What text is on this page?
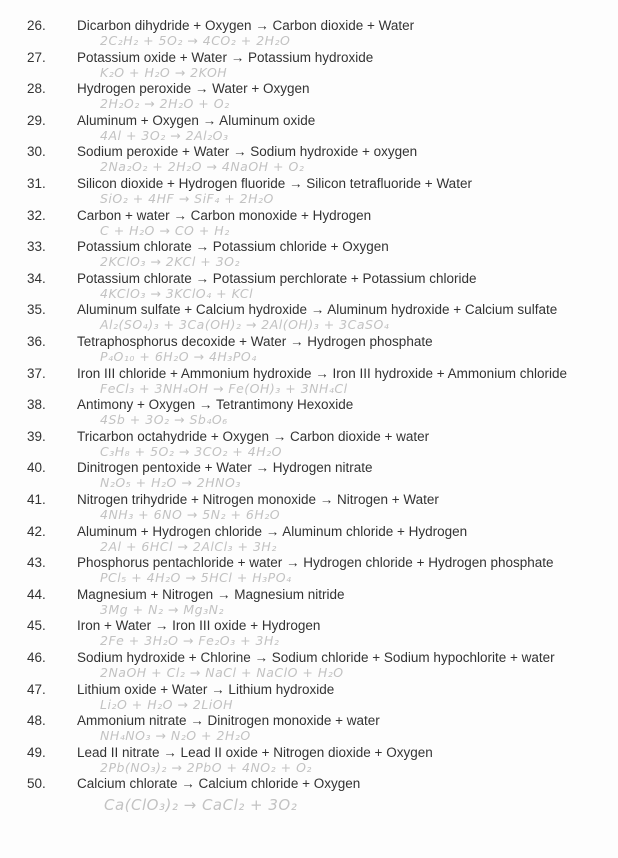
26. Dicarbon dihydride + Oxygen → Carbon dioxide + Water
2C₂H₂ + 5O₂ → 4CO₂ + 2H₂O
27. Potassium oxide + Water → Potassium hydroxide
K₂O + H₂O → 2KOH
28. Hydrogen peroxide → Water + Oxygen
2H₂O₂ → 2H₂O + O₂
29. Aluminum + Oxygen → Aluminum oxide
4Al + 3O₂ → 2Al₂O₃
30. Sodium peroxide + Water → Sodium hydroxide + oxygen
2Na₂O₂ + 2H₂O → 4NaOH + O₂
31. Silicon dioxide + Hydrogen fluoride → Silicon tetrafluoride + Water
SiO₂ + 4HF → SiF₄ + 2H₂O
32. Carbon + water → Carbon monoxide + Hydrogen
C + H₂O → CO + H₂
33. Potassium chlorate → Potassium chloride + Oxygen
2KClO₃ → 2KCl + 3O₂
34. Potassium chlorate → Potassium perchlorate + Potassium chloride
4KClO₃ → 3KClO₄ + KCl
35. Aluminum sulfate + Calcium hydroxide → Aluminum hydroxide + Calcium sulfate
Al₂(SO₄)₃ + 3Ca(OH)₂ → 2Al(OH)₃ + 3CaSO₄
36. Tetraphosphorus decoxide + Water → Hydrogen phosphate
P₄O₁₀ + 6H₂O → 4H₃PO₄
37. Iron III chloride + Ammonium hydroxide → Iron III hydroxide + Ammonium chloride
FeCl₃ + 3NH₄OH → Fe(OH)₃ + 3NH₄Cl
38. Antimony + Oxygen → Tetrantimony Hexoxide
4Sb + 3O₂ → Sb₄O₆
39. Tricarbon octahydride + Oxygen → Carbon dioxide + water
C₃H₈ + 5O₂ → 3CO₂ + 4H₂O
40. Dinitrogen pentoxide + Water → Hydrogen nitrate
N₂O₅ + H₂O → 2HNO₃
41. Nitrogen trihydride + Nitrogen monoxide → Nitrogen + Water
4NH₃ + 6NO → 5N₂ + 6H₂O
42. Aluminum + Hydrogen chloride → Aluminum chloride + Hydrogen
2Al + 6HCl → 2AlCl₃ + 3H₂
43. Phosphorus pentachloride + water → Hydrogen chloride + Hydrogen phosphate
PCl₅ + 4H₂O → 5HCl + H₃PO₄
44. Magnesium + Nitrogen → Magnesium nitride
3Mg + N₂ → Mg₃N₂
45. Iron + Water → Iron III oxide + Hydrogen
2Fe + 3H₂O → Fe₂O₃ + 3H₂
46. Sodium hydroxide + Chlorine → Sodium chloride + Sodium hypochlorite + water
2NaOH + Cl₂ → NaCl + NaClO + H₂O
47. Lithium oxide + Water → Lithium hydroxide
Li₂O + H₂O → 2LiOH
48. Ammonium nitrate → Dinitrogen monoxide + water
NH₄NO₃ → N₂O + 2H₂O
49. Lead II nitrate → Lead II oxide + Nitrogen dioxide + Oxygen
2Pb(NO₃)₂ → 2PbO + 4NO₂ + O₂
50. Calcium chlorate → Calcium chloride + Oxygen
Ca(ClO₃)₂ → CaCl₂ + 3O₂
